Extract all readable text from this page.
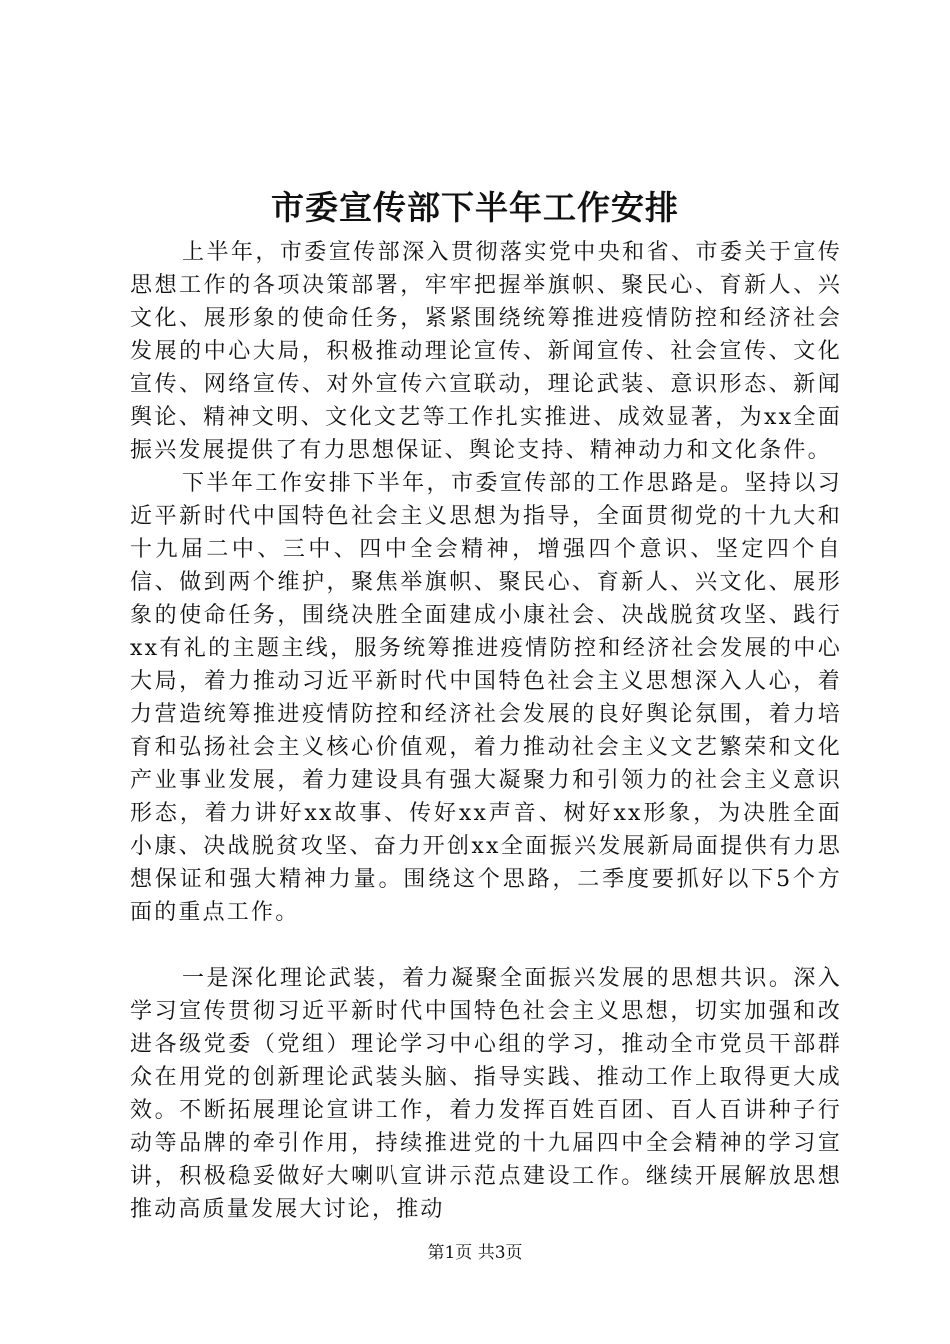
市委宣传部下半年工作安排

上半年，市委宣传部深入贯彻落实党中央和省、市委关于宣传思想工作的各项决策部署，牢牢把握举旗帜、聚民心、育新人、兴文化、展形象的使命任务，紧紧围绕统筹推进疫情防控和经济社会发展的中心大局，积极推动理论宣传、新闻宣传、社会宣传、文化宣传、网络宣传、对外宣传六宣联动，理论武装、意识形态、新闻舆论、精神文明、文化文艺等工作扎实推进、成效显著，为xx全面振兴发展提供了有力思想保证、舆论支持、精神动力和文化条件。

下半年工作安排下半年，市委宣传部的工作思路是。坚持以习近平新时代中国特色社会主义思想为指导，全面贯彻党的十九大和十九届二中、三中、四中全会精神，增强四个意识、坚定四个自信、做到两个维护，聚焦举旗帜、聚民心、育新人、兴文化、展形象的使命任务，围绕决胜全面建成小康社会、决战脱贫攻坚、践行xx有礼的主题主线，服务统筹推进疫情防控和经济社会发展的中心大局，着力推动习近平新时代中国特色社会主义思想深入人心，着力营造统筹推进疫情防控和经济社会发展的良好舆论氛围，着力培育和弘扬社会主义核心价值观，着力推动社会主义文艺繁荣和文化产业事业发展，着力建设具有强大凝聚力和引领力的社会主义意识形态，着力讲好xx故事、传好xx声音、树好xx形象，为决胜全面小康、决战脱贫攻坚、奋力开创xx全面振兴发展新局面提供有力思想保证和强大精神力量。围绕这个思路，二季度要抓好以下5个方面的重点工作。

一是深化理论武装，着力凝聚全面振兴发展的思想共识。深入学习宣传贯彻习近平新时代中国特色社会主义思想，切实加强和改进各级党委（党组）理论学习中心组的学习，推动全市党员干部群众在用党的创新理论武装头脑、指导实践、推动工作上取得更大成效。不断拓展理论宣讲工作，着力发挥百姓百团、百人百讲种子行动等品牌的牵引作用，持续推进党的十九届四中全会精神的学习宣讲，积极稳妥做好大喇叭宣讲示范点建设工作。继续开展解放思想推动高质量发展大讨论，推动

第1页 共3页
